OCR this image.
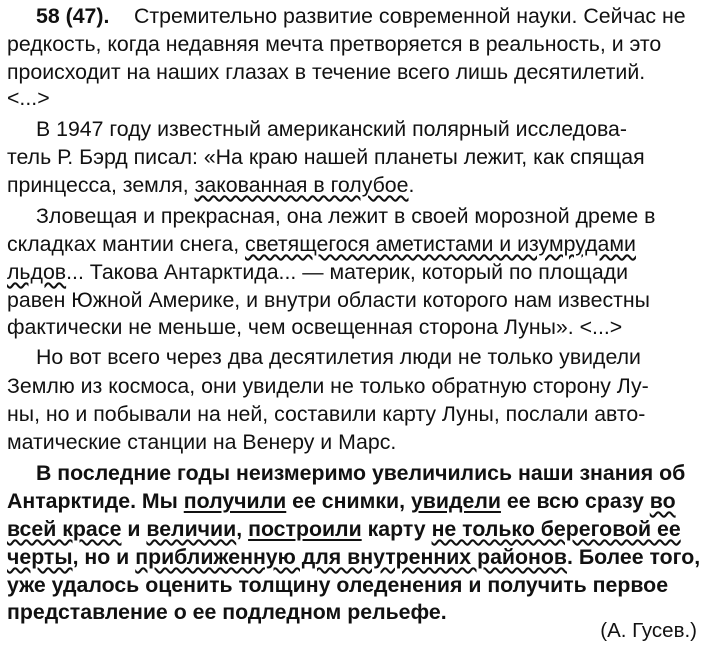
58 (47). Стремительно развитие современной науки. Сейчас не
редкость, когда недавняя мечта претворяется в реальность, и это
происходит на наших глазах в течение всего лишь десятилетий.
<...>
В 1947 году известный американский полярный исследова-
тель Р. Бэрд писал: «На краю нашей планеты лежит, как спящая
принцесса, земля, закованная в голубое.
Зловещая и прекрасная, она лежит в своей морозной дреме в
складках мантии снега, светящегося аметистами и изумрудами
льдов... Такова Антарктида... — материк, который по площади
равен Южной Америке, и внутри области которого нам известны
фактически не меньше, чем освещенная сторона Луны». <...>
Но вот всего через два десятилетия люди не только увидели
Землю из космоса, они увидели не только обратную сторону Лу-
ны, но и побывали на ней, составили карту Луны, послали авто-
матические станции на Венеру и Марс.
В последние годы неизмеримо увеличились наши знания об
Антарктиде. Мы получили ее снимки, увидели ее всю сразу во
всей красе и величии, построили карту не только береговой ее
черты, но и приближенную для внутренних районов. Более того,
уже удалось оценить толщину оледенения и получить первое
представление о ее подледном рельефе.
(А. Гусев.)
